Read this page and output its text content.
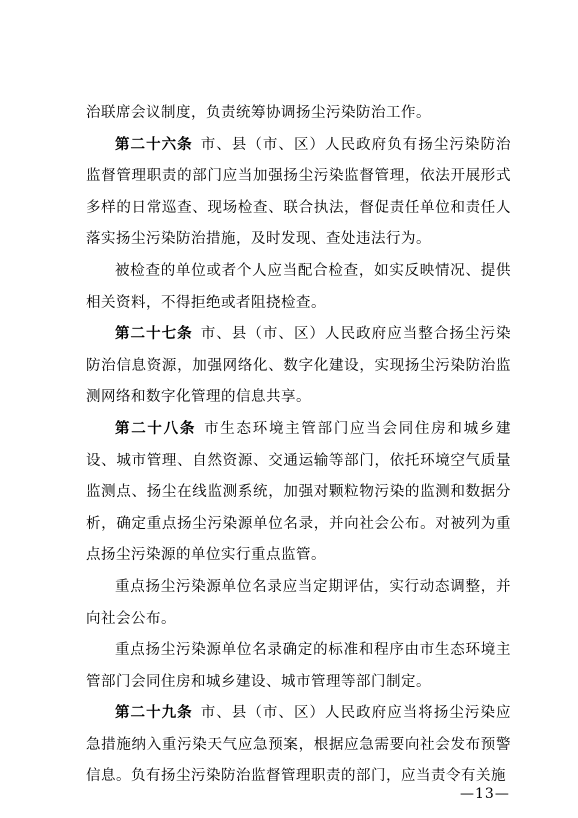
治联席会议制度，负责统筹协调扬尘污染防治工作。

第二十六条 市、县（市、区）人民政府负有扬尘污染防治监督管理职责的部门应当加强扬尘污染监督管理，依法开展形式多样的日常巡查、现场检查、联合执法，督促责任单位和责任人落实扬尘污染防治措施，及时发现、查处违法行为。

被检查的单位或者个人应当配合检查，如实反映情况、提供相关资料，不得拒绝或者阻挠检查。

第二十七条 市、县（市、区）人民政府应当整合扬尘污染防治信息资源，加强网络化、数字化建设，实现扬尘污染防治监测网络和数字化管理的信息共享。

第二十八条 市生态环境主管部门应当会同住房和城乡建设、城市管理、自然资源、交通运输等部门，依托环境空气质量监测点、扬尘在线监测系统，加强对颗粒物污染的监测和数据分析，确定重点扬尘污染源单位名录，并向社会公布。对被列为重点扬尘污染源的单位实行重点监管。

重点扬尘污染源单位名录应当定期评估，实行动态调整，并向社会公布。

重点扬尘污染源单位名录确定的标准和程序由市生态环境主管部门会同住房和城乡建设、城市管理等部门制定。

第二十九条 市、县（市、区）人民政府应当将扬尘污染应急措施纳入重污染天气应急预案，根据应急需要向社会发布预警信息。负有扬尘污染防治监督管理职责的部门，应当责令有关施

—13—
